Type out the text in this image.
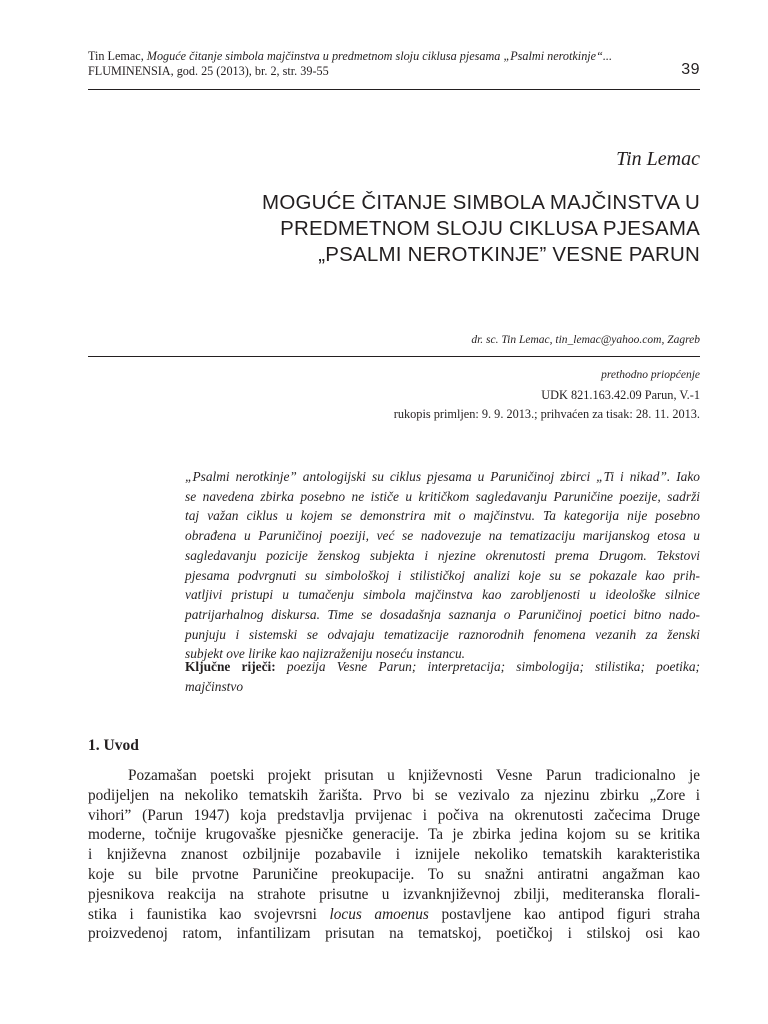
Tin Lemac, Moguće čitanje simbola majčinstva u predmetnom sloju ciklusa pjesama „Psalmi nerotkinje“...
FLUMINENSIA, god. 25 (2013), br. 2, str. 39-55	39
Tin Lemac
MOGUĆE ČITANJE SIMBOLA MAJČINSTVA U
PREDMETNOM SLOJU CIKLUSA PJESAMA
„PSALMI NEROTKINJE” VESNE PARUN
dr. sc. Tin Lemac, tin_lemac@yahoo.com, Zagreb
prethodno priopćenje
UDK 821.163.42.09 Parun, V.-1
rukopis primljen: 9. 9. 2013.; prihvaćen za tisak: 28. 11. 2013.
„Psalmi nerotkinje” antologijski su ciklus pjesama u Paruničinoj zbirci „Ti i nikad”. Iako
se navedena zbirka posebno ne ističe u kritičkom sagledavanju Paruničine poezije, sadrži
taj važan ciklus u kojem se demonstrira mit o majčinstvu. Ta kategorija nije posebno
obrađena u Paruničinoj poeziji, već se nadovezuje na tematizaciju marijanskog etosa u
sagledavanju pozicije ženskog subjekta i njezine okrenutosti prema Drugom. Tekstovi
pjesama podvrgnuti su simbološkoj i stilističkoj analizi koje su se pokazale kao prih-
vatljivi pristupi u tumačenju simbola majčinstva kao zarobljenosti u ideološke silnice
patrijarhalnog diskursa. Time se dosadašnja saznanja o Paruničinoj poetici bitno nado-
punjuju i sistemski se odvajaju tematizacije raznorodnih fenomena vezanih za ženski
subjekt ove lirike kao najizraženiju noseću instancu.
Ključne riječi: poezija Vesne Parun; interpretacija; simbologija; stilistika; poetika;
majčinstvo
1. Uvod
Pozamašan poetski projekt prisutan u književnosti Vesne Parun tradicionalno je
podijeljen na nekoliko tematskih žarišta. Prvo bi se vezivalo za njezinu zbirku „Zore i
vihori” (Parun 1947) koja predstavlja prvijenac i počiva na okrenutosti začecima Druge
moderne, točnije krugovaške pjesničke generacije. Ta je zbirka jedina kojom su se kritika
i književna znanost ozbiljnije pozabavile i iznijele nekoliko tematskih karakteristika
koje su bile prvotne Paruničine preokupacije. To su snažni antiratni angažman kao
pjesnikova reakcija na strahote prisutne u izvanknjiževnoj zbilji, mediteranska florali-
stika i faunistika kao svojevrsni locus amoenus postavljene kao antipod figuri straha
proizvedenoj ratom, infantilizam prisutan na tematskoj, poetičkoj i stilskoj osi kao
